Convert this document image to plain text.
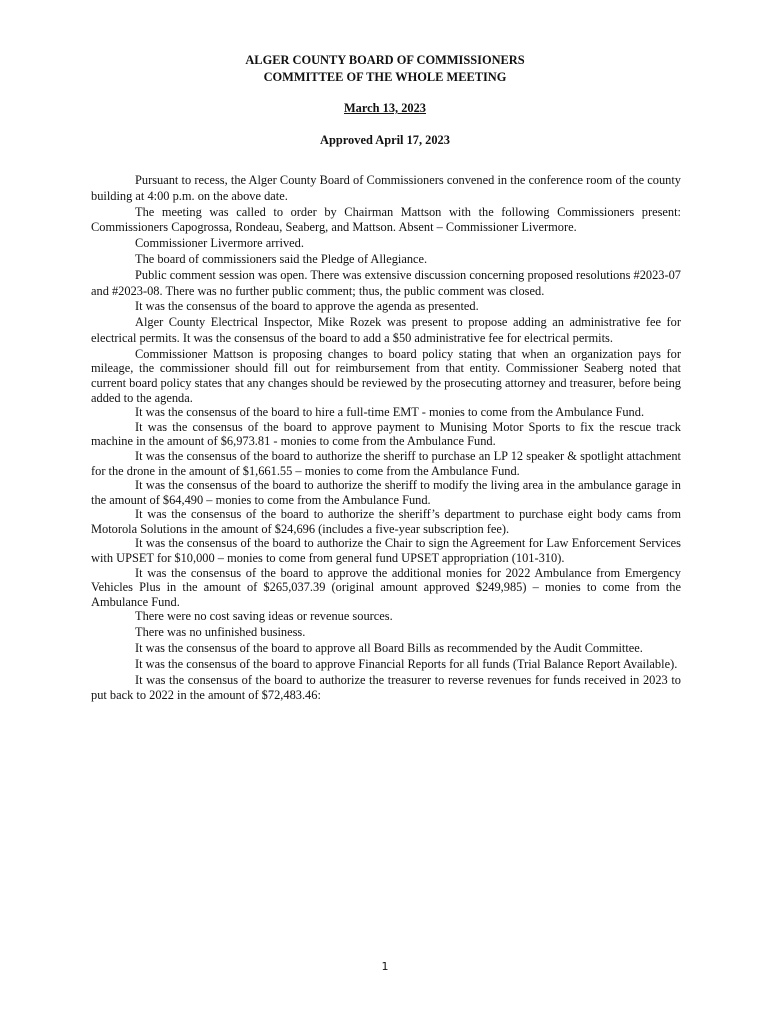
ALGER COUNTY BOARD OF COMMISSIONERS
COMMITTEE OF THE WHOLE MEETING
March 13, 2023
Approved April 17, 2023

Pursuant to recess, the Alger County Board of Commissioners convened in the conference room of the county building at 4:00 p.m. on the above date.

The meeting was called to order by Chairman Mattson with the following Commissioners present: Commissioners Capogrossa, Rondeau, Seaberg, and Mattson. Absent – Commissioner Livermore.

Commissioner Livermore arrived.

The board of commissioners said the Pledge of Allegiance.

Public comment session was open. There was extensive discussion concerning proposed resolutions #2023-07 and #2023-08. There was no further public comment; thus, the public comment was closed.

It was the consensus of the board to approve the agenda as presented.

Alger County Electrical Inspector, Mike Rozek was present to propose adding an administrative fee for electrical permits. It was the consensus of the board to add a $50 administrative fee for electrical permits.

Commissioner Mattson is proposing changes to board policy stating that when an organization pays for mileage, the commissioner should fill out for reimbursement from that entity. Commissioner Seaberg noted that current board policy states that any changes should be reviewed by the prosecuting attorney and treasurer, before being added to the agenda.

It was the consensus of the board to hire a full-time EMT - monies to come from the Ambulance Fund.

It was the consensus of the board to approve payment to Munising Motor Sports to fix the rescue track machine in the amount of $6,973.81 - monies to come from the Ambulance Fund.

It was the consensus of the board to authorize the sheriff to purchase an LP 12 speaker & spotlight attachment for the drone in the amount of $1,661.55 – monies to come from the Ambulance Fund.

It was the consensus of the board to authorize the sheriff to modify the living area in the ambulance garage in the amount of $64,490 – monies to come from the Ambulance Fund.

It was the consensus of the board to authorize the sheriff’s department to purchase eight body cams from Motorola Solutions in the amount of $24,696 (includes a five-year subscription fee).

It was the consensus of the board to authorize the Chair to sign the Agreement for Law Enforcement Services with UPSET for $10,000 – monies to come from general fund UPSET appropriation (101-310).

It was the consensus of the board to approve the additional monies for 2022 Ambulance from Emergency Vehicles Plus in the amount of $265,037.39 (original amount approved $249,985) – monies to come from the Ambulance Fund.

There were no cost saving ideas or revenue sources.

There was no unfinished business.

It was the consensus of the board to approve all Board Bills as recommended by the Audit Committee.

It was the consensus of the board to approve Financial Reports for all funds (Trial Balance Report Available).

It was the consensus of the board to authorize the treasurer to reverse revenues for funds received in 2023 to put back to 2022 in the amount of $72,483.46:

1
